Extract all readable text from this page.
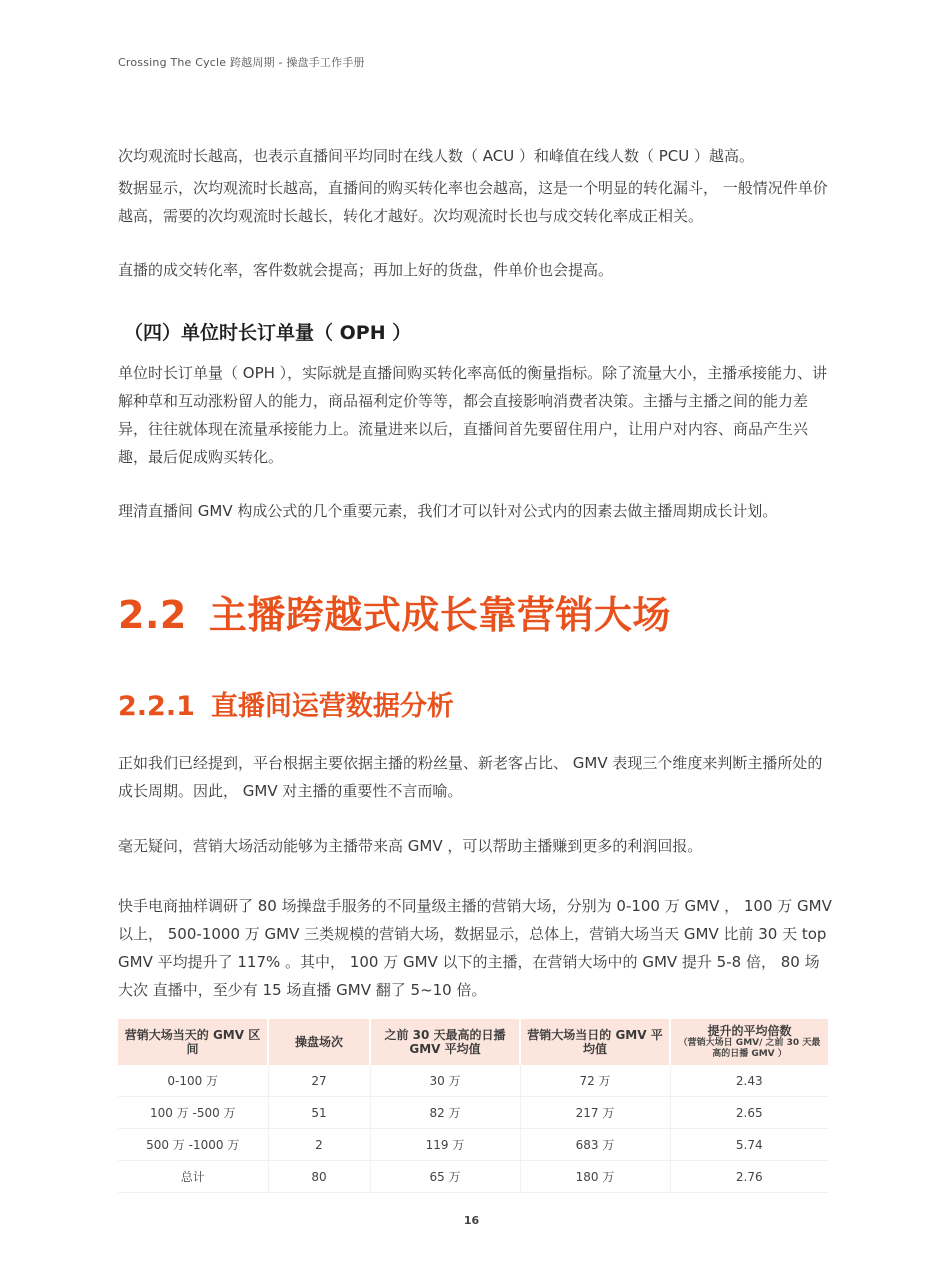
Crossing The Cycle 跨越周期 - 操盘手工作手册

次均观流时长越高，也表示直播间平均同时在线人数（ ACU ）和峰值在线人数（ PCU ）越高。

数据显示，次均观流时长越高，直播间的购买转化率也会越高，这是一个明显的转化漏斗， 一般情况件单价越高，需要的次均观流时长越长，转化才越好。次均观流时长也与成交转化率成正相关。

直播的成交转化率，客件数就会提高；再加上好的货盘，件单价也会提高。

（四）单位时长订单量（ OPH ）

单位时长订单量（ OPH ），实际就是直播间购买转化率高低的衡量指标。除了流量大小，主播承接能力、讲解种草和互动涨粉留人的能力，商品福利定价等等，都会直接影响消费者决策。主播与主播之间的能力差异，往往就体现在流量承接能力上。流量进来以后，直播间首先要留住用户，让用户对内容、商品产生兴趣，最后促成购买转化。

理清直播间 GMV 构成公式的几个重要元素，我们才可以针对公式内的因素去做主播周期成长计划。

2.2 主播跨越式成长靠营销大场
2.2.1 直播间运营数据分析

正如我们已经提到，平台根据主要依据主播的粉丝量、新老客占比、 GMV 表现三个维度来判断主播所处的成长周期。因此， GMV 对主播的重要性不言而喻。

毫无疑问，营销大场活动能够为主播带来高 GMV ，可以帮助主播赚到更多的利润回报。

快手电商抽样调研了 80 场操盘手服务的不同量级主播的营销大场，分别为 0-100 万 GMV ， 100 万 GMV 以上， 500-1000 万 GMV 三类规模的营销大场，数据显示，总体上，营销大场当天 GMV 比前 30 天 top GMV 平均提升了 117% 。其中， 100 万 GMV 以下的主播，在营销大场中的 GMV 提升 5-8 倍， 80 场大次 直播中，至少有 15 场直播 GMV 翻了 5~10 倍。

营销大场当天的 GMV 区间	操盘场次	之前 30 天最高的日播 GMV 平均值	营销大场当日的 GMV 平均值	提升的平均倍数
（营销大场日 GMV/ 之前 30 天最高的日播 GMV ）

0-100 万	27	30 万	72 万	2.43
100 万 -500 万	51	82 万	217 万	2.65
500 万 -1000 万	2	119 万	683 万	5.74
总计	80	65 万	180 万	2.76
16
